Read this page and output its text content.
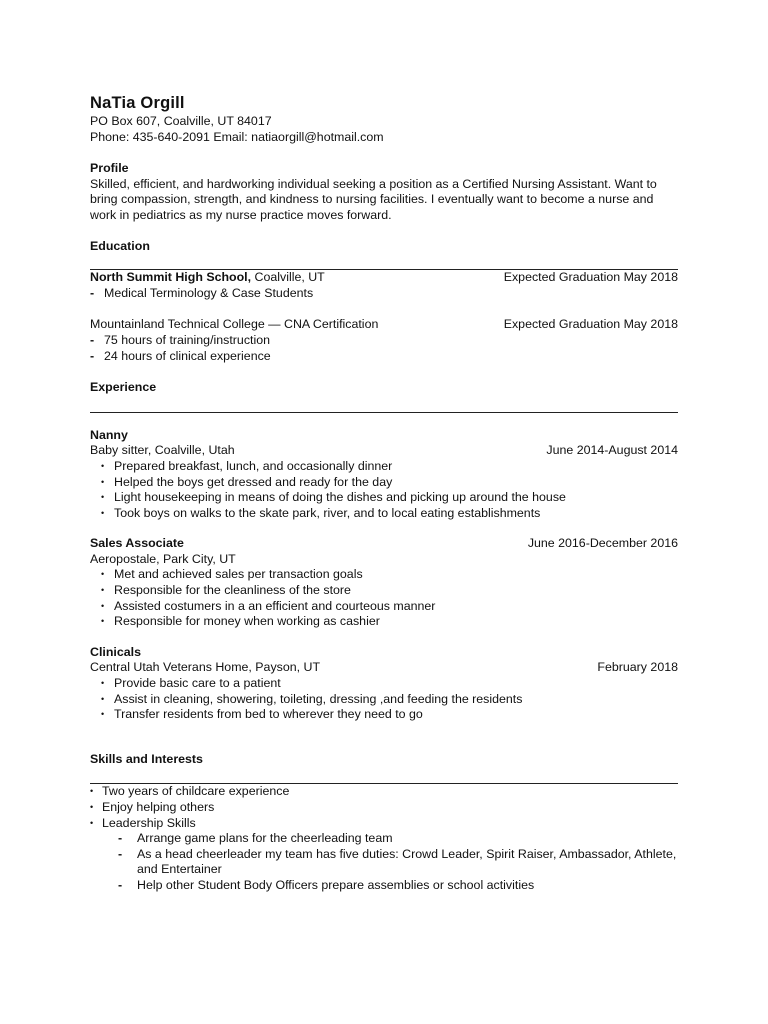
NaTia Orgill

PO Box 607, Coalville, UT 84017

Phone: 435-640-2091 Email: natiaorgill@hotmail.com

Profile

Skilled, efficient, and hardworking individual seeking a position as a Certified Nursing Assistant. Want to bring compassion, strength, and kindness to nursing facilities. I eventually want to become a nurse and work in pediatrics as my nurse practice moves forward.

Education

North Summit High School, Coalville, UT	Expected Graduation May 2018
- Medical Terminology & Case Students
Mountainland Technical College — CNA Certification	Expected Graduation May 2018
- 75 hours of training/instruction
- 24 hours of clinical experience

Experience

Nanny

Baby sitter, Coalville, Utah	June 2014-August 2014
• Prepared breakfast, lunch, and occasionally dinner
• Helped the boys get dressed and ready for the day
• Light housekeeping in means of doing the dishes and picking up around the house
• Took boys on walks to the skate park, river, and to local eating establishments
Sales Associate	June 2016-December 2016

Aeropostale, Park City, UT

• Met and achieved sales per transaction goals
• Responsible for the cleanliness of the store
• Assisted costumers in a an efficient and courteous manner
• Responsible for money when working as cashier

Clinicals

Central Utah Veterans Home, Payson, UT	February 2018
• Provide basic care to a patient
• Assist in cleaning, showering, toileting, dressing ,and feeding the residents
• Transfer residents from bed to wherever they need to go

Skills and Interests

• Two years of childcare experience
• Enjoy helping others
• Leadership Skills
- Arrange game plans for the cheerleading team
- As a head cheerleader my team has five duties: Crowd Leader, Spirit Raiser, Ambassador, Athlete, and Entertainer
- Help other Student Body Officers prepare assemblies or school activities
